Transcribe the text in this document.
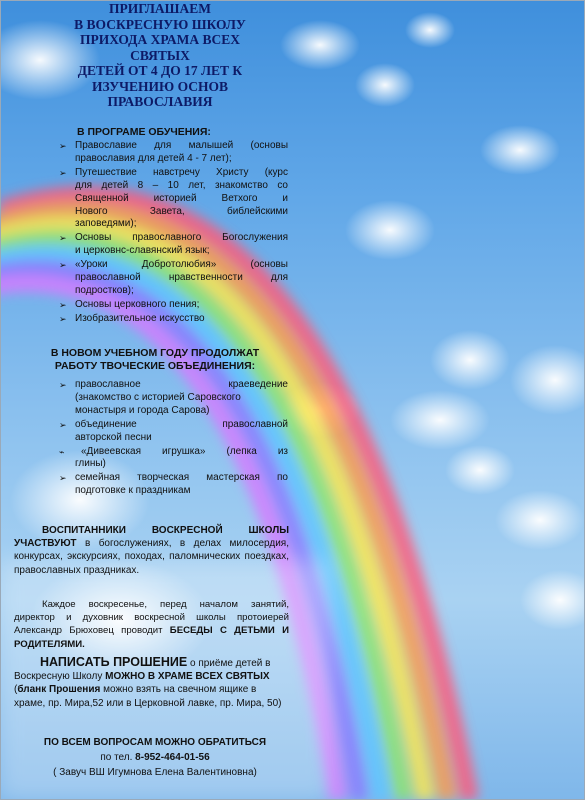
ПРИГЛАШАЕМ
В ВОСКРЕСНУЮ ШКОЛУ
ПРИХОДА ХРАМА ВСЕХ
СВЯТЫХ
ДЕТЕЙ ОТ 4 ДО 17 ЛЕТ К
ИЗУЧЕНИЮ ОСНОВ
ПРАВОСЛАВИЯ
В ПРОГРАМЕ ОБУЧЕНИЯ:
➢ Православие для малышей (основы
православия для детей 4 - 7 лет);
➢ Путешествие навстречу Христу (курс
для детей 8 – 10 лет, знакомство со
Священной историей Ветхого и
Нового Завета, библейскими
заповедями);
➢ Основы православного Богослужения
и церковнс-славянский язык;
➢ «Уроки Добротолюбия» (основы
православной нравственности для
подростков);
➢ Основы церковного пения;
➢ Изобразительное искусство
В НОВОМ УЧЕБНОМ ГОДУ ПРОДОЛЖАТ
РАБОТУ ТВОЧЕСКИЕ ОБЪЕДИНЕНИЯ:
➢ православное краеведение
(знакомство с историей Саровского
монастыря и города Сарова)
➢ объединение православной
авторской песни
⌁	«Дивеевская игрушка» (лепка из
глины)
➢ семейная творческая мастерская по
подготовке к праздникам

ВОСПИТАННИКИ ВОСКРЕСНОЙ ШКОЛЫ УЧАСТВУЮТ в богослужениях, в делах милосердия, конкурсах, экскурсиях, походах, паломнических поездках, православных праздниках.

Каждое воскресенье, перед началом занятий, директор и духовник воскресной школы протоиерей Александр Брюховец проводит БЕСЕДЫ С ДЕТЬМИ И РОДИТЕЛЯМИ.

НАПИСАТЬ ПРОШЕНИЕ о приёме детей в Воскресную Школу МОЖНО В ХРАМЕ ВСЕХ СВЯТЫХ (бланк Прошения можно взять на свечном ящике в храме, пр. Мира,52 или в Церковной лавке, пр. Мира, 50)

ПО ВСЕМ ВОПРОСАМ МОЖНО ОБРАТИТЬСЯ
по тел. 8-952-464-01-56
( Завуч ВШ Игумнова Елена Валентиновна)
